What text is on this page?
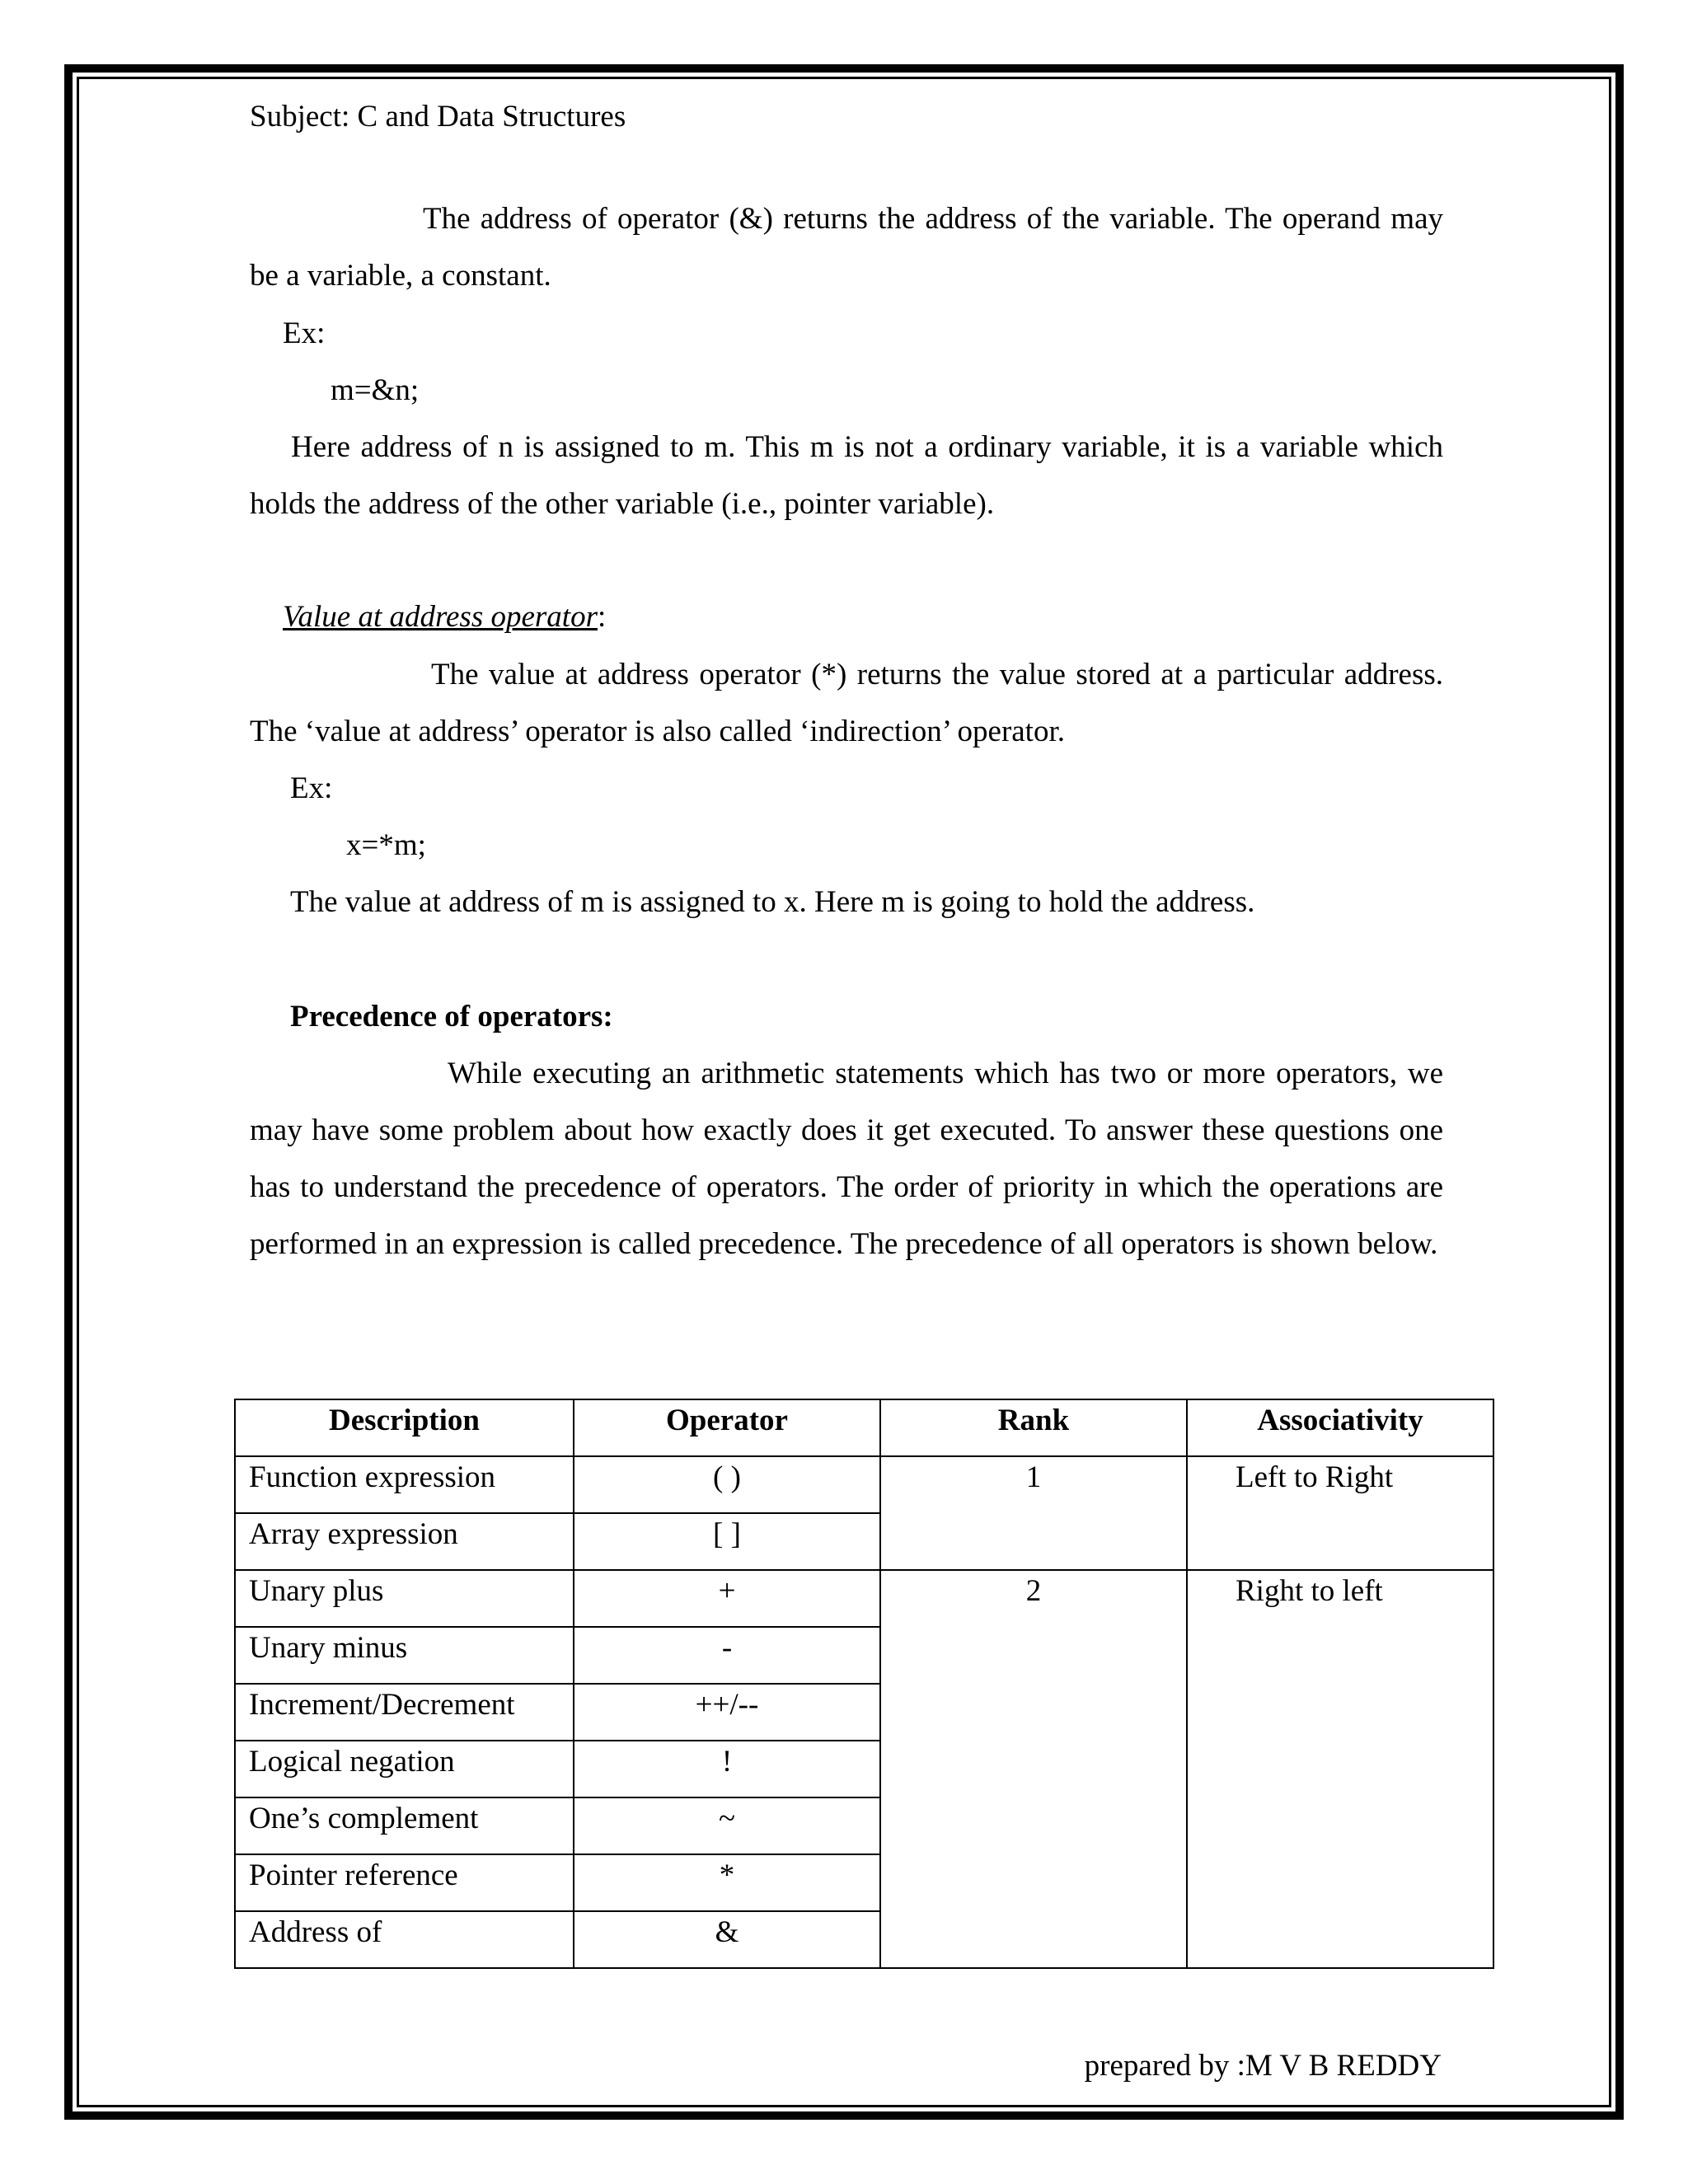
Subject: C and Data Structures
The address of operator (&) returns the address of the variable. The operand may be a variable, a constant.
Ex:
m=&n;
Here address of n is assigned to m. This m is not a ordinary variable, it is a variable which holds the address of the other variable (i.e., pointer variable).
Value at address operator:
The value at address operator (*) returns the value stored at a particular address. The ‘value at address’ operator is also called ‘indirection’ operator.
Ex:
x=*m;
The value at address of m is assigned to x. Here m is going to hold the address.
Precedence of operators:
While executing an arithmetic statements which has two or more operators, we may have some problem about how exactly does it get executed. To answer these questions one has to understand the precedence of operators. The order of priority in which the operations are performed in an expression is called precedence. The precedence of all operators is shown below.
Description	Operator	Rank	Associativity
Function expression	( )	1	Left to Right
Array expression	[ ]		
Unary plus	+	2	Right to left
Unary minus	-		
Increment/Decrement	++/--		
Logical negation	!		
One’s complement	~		
Pointer reference	*		
Address of	&		
prepared by :M V B REDDY
